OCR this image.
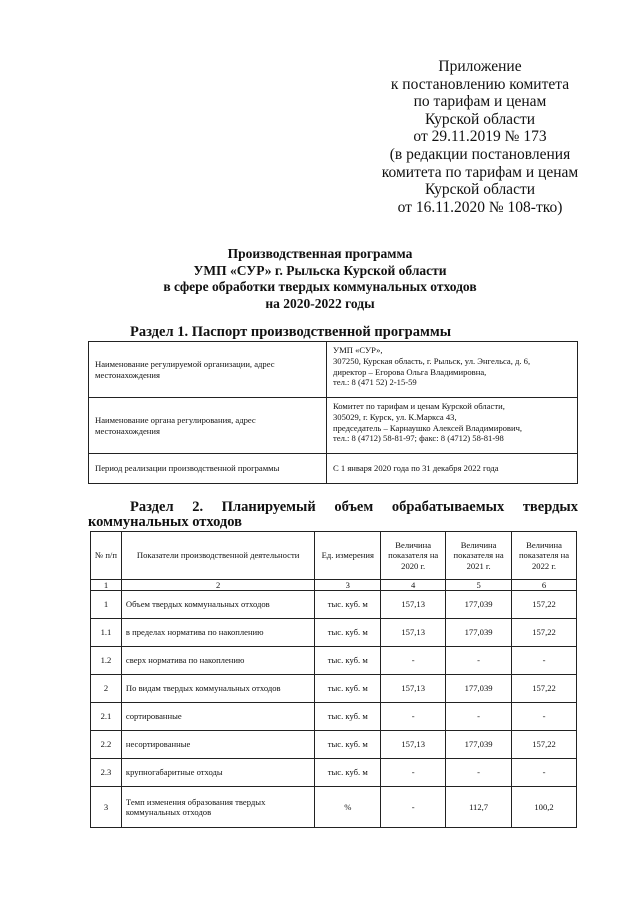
Приложение
к постановлению комитета
по тарифам и ценам
Курской области
от 29.11.2019 № 173
(в редакции постановления
комитета по тарифам и ценам
Курской области
от 16.11.2020 № 108-тко)
Производственная программа
УМП «СУР» г. Рыльска Курской области
в сфере обработки твердых коммунальных отходов
на 2020-2022 годы
Раздел 1. Паспорт производственной программы
Наименование регулируемой организации, адрес местонахождения	УМП «СУР»,
307250, Курская область, г. Рыльск, ул. Энгельса, д. 6,
директор – Егорова Ольга Владимировна,
тел.: 8 (471 52) 2-15-59

Наименование органа регулирования, адрес местонахождения	Комитет по тарифам и ценам Курской области,
305029, г. Курск, ул. К.Маркса 43,
председатель – Карнаушко Алексей Владимирович,
тел.: 8 (4712) 58-81-97; факс: 8 (4712) 58-81-98

Период реализации производственной программы	С 1 января 2020 года по 31 декабря 2022 года
Раздел 2. Планируемый объем обрабатываемых твердых
коммунальных отходов
№ п/п	Показатели производственной деятельности	Ед. измерения	Величина показателя на 2020 г.	Величина показателя на 2021 г.	Величина показателя на 2022 г.
1	2	3	4	5	6
1	Объем твердых коммунальных отходов	тыс. куб. м	157,13	177,039	157,22
1.1	в пределах норматива по накоплению	тыс. куб. м	157,13	177,039	157,22
1.2	сверх норматива по накоплению	тыс. куб. м	-	-	-
2	По видам твердых коммунальных отходов	тыс. куб. м	157,13	177,039	157,22
2.1	сортированные	тыс. куб. м	-	-	-
2.2	несортированные	тыс. куб. м	157,13	177,039	157,22
2.3	крупногабаритные отходы	тыс. куб. м	-	-	-
3	Темп изменения образования твердых коммунальных отходов	%	-	112,7	100,2
